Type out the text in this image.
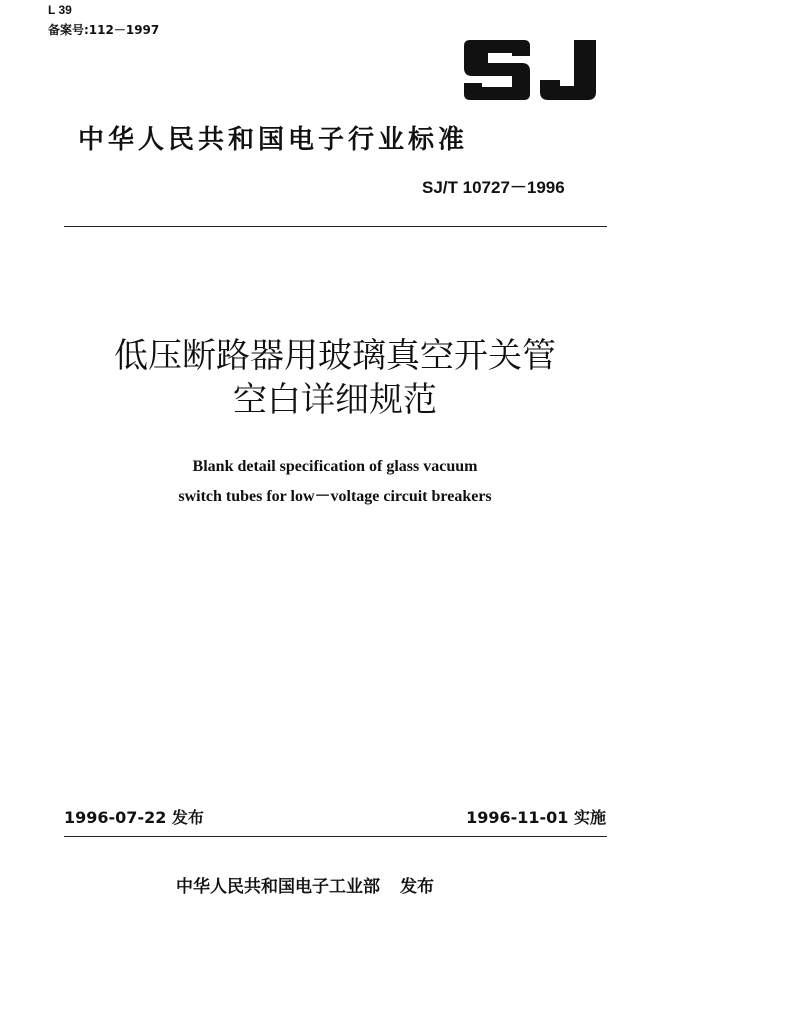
L 39
备案号:112－1997
中华人民共和国电子行业标准
SJ/T 10727－1996
低压断路器用玻璃真空开关管
空白详细规范
Blank detail specification of glass vacuum
switch tubes for low－voltage circuit breakers
1996-07-22 发布	1996-11-01 实施
中华人民共和国电子工业部 发布
